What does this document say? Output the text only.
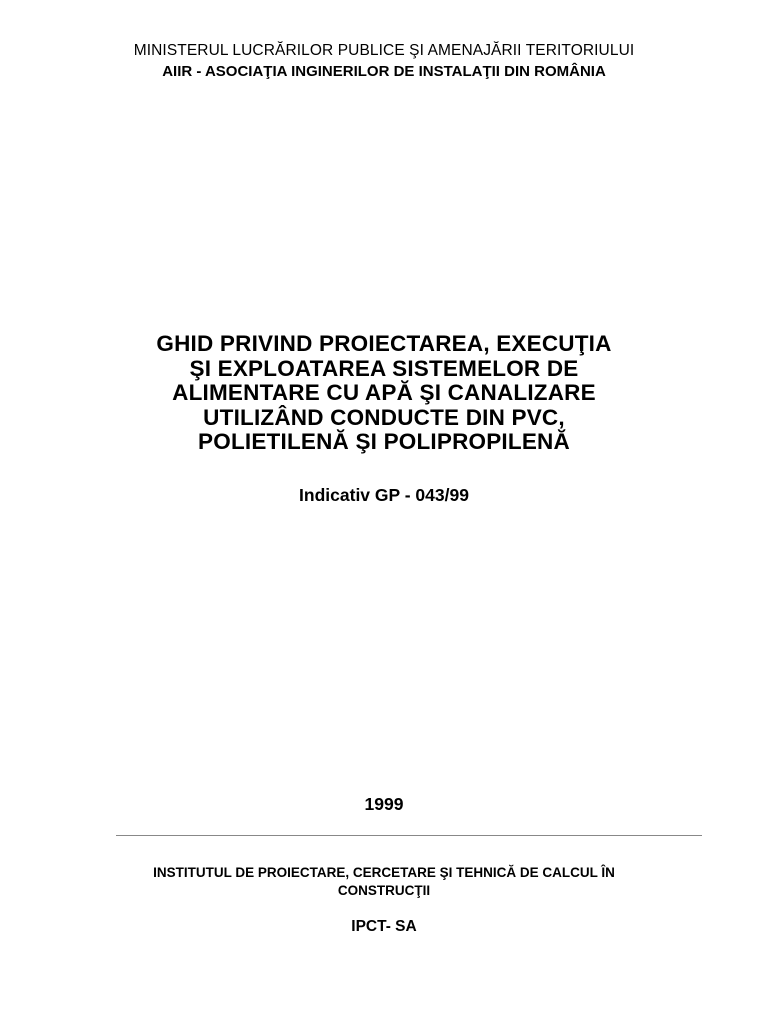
MINISTERUL LUCRĂRILOR PUBLICE ŞI AMENAJĂRII TERITORIULUI
AIIR - ASOCIAŢIA INGINERILOR DE INSTALAŢII DIN ROMÂNIA
GHID PRIVIND PROIECTAREA, EXECUŢIA
ŞI EXPLOATAREA SISTEMELOR DE
ALIMENTARE CU APĂ ŞI CANALIZARE
UTILIZÂND CONDUCTE DIN PVC,
POLIETILENĂ ŞI POLIPROPILENĂ
Indicativ GP - 043/99
1999
INSTITUTUL DE PROIECTARE, CERCETARE ŞI TEHNICĂ DE CALCUL ÎN
CONSTRUCŢII
IPCT- SA
